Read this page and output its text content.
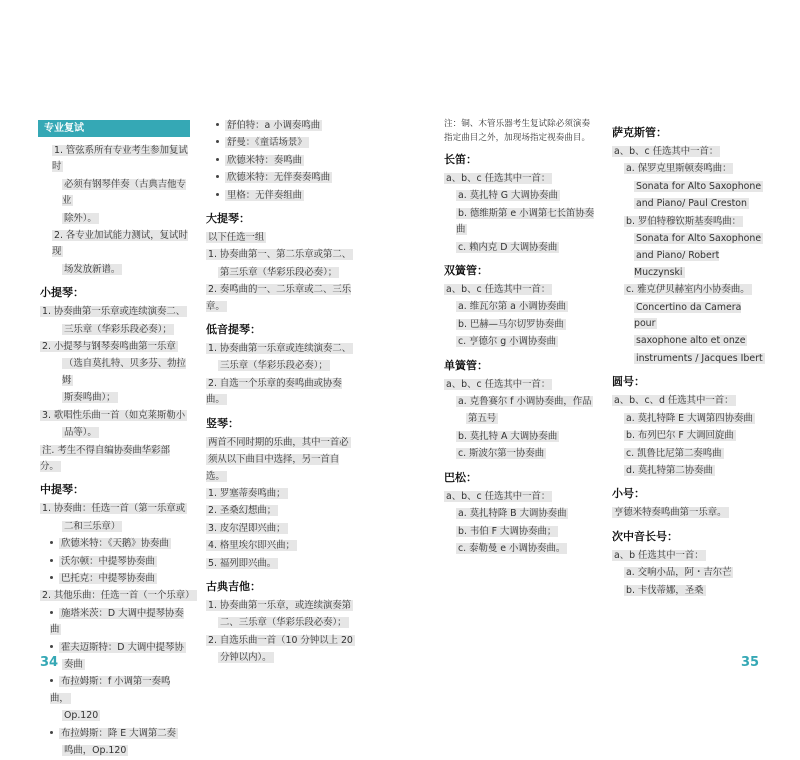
专业复试
1. 管弦系所有专业考生参加复试时
必须有钢琴伴奏（古典吉他专业
除外）。
2. 各专业加试能力测试，复试时现
场发放新谱。
小提琴：
1. 协奏曲第一乐章或连续演奏二、
三乐章（华彩乐段必奏）；
2. 小提琴与钢琴奏鸣曲第一乐章
（选自莫扎特、贝多芬、勃拉姆
斯奏鸣曲）；
3. 歌唱性乐曲一首（如克莱斯勒小
品等）。
注. 考生不得自编协奏曲华彩部分。
中提琴：
1. 协奏曲：任选一首（第一乐章或
二和三乐章）
欣德米特：《天鹅》协奏曲
沃尔顿：中提琴协奏曲
巴托克：中提琴协奏曲
2. 其他乐曲：任选一首（一个乐章）
施塔米茨：D 大调中提琴协奏曲
霍夫迈斯特：D 大调中提琴协
奏曲
布拉姆斯：f 小调第一奏鸣曲，
Op.120
布拉姆斯：降 E 大调第二奏
鸣曲，Op.120
舒伯特：a 小调奏鸣曲
舒曼：《童话场景》
欣德米特：奏鸣曲
欣德米特：无伴奏奏鸣曲
里格：无伴奏组曲
大提琴：
以下任选一组
1. 协奏曲第一、第二乐章或第二、
第三乐章（华彩乐段必奏）；
2. 奏鸣曲的一、二乐章或二、三乐章。
低音提琴：
1. 协奏曲第一乐章或连续演奏二、
三乐章（华彩乐段必奏）；
2. 自选一个乐章的奏鸣曲或协奏曲。
竖琴：
两首不同时期的乐曲，其中一首必
须从以下曲目中选择，另一首自选。
1. 罗塞蒂奏鸣曲；
2. 圣桑幻想曲；
3. 皮尔涅即兴曲；
4. 格里埃尔即兴曲；
5. 福列即兴曲。
古典吉他：
1. 协奏曲第一乐章，或连续演奏第
二、三乐章（华彩乐段必奏）；
2. 自选乐曲一首（10 分钟以上 20
分钟以内）。
注：铜、木管乐器考生复试除必须演奏
指定曲目之外，加现场指定视奏曲目。
长笛：
a、b、c 任选其中一首：
a. 莫扎特 G 大调协奏曲
b. 德维斯第 e 小调第七长笛协奏曲
c. 赖内克 D 大调协奏曲
双簧管：
a、b、c 任选其中一首：
a. 维瓦尔第 a 小调协奏曲
b. 巴赫—马尔切罗协奏曲
c. 亨德尔 g 小调协奏曲
单簧管：
a、b、c 任选其中一首：
a. 克鲁赛尔 f 小调协奏曲，作品
第五号
b. 莫扎特 A 大调协奏曲
c. 斯波尔第一协奏曲
巴松：
a、b、c 任选其中一首：
a. 莫扎特降 B 大调协奏曲
b. 韦伯 F 大调协奏曲；
c. 泰勒曼 e 小调协奏曲。
萨克斯管：
a、b、c 任选其中一首：
a. 保罗克里斯顿奏鸣曲：
Sonata for Alto Saxophone
and Piano/ Paul Creston
b. 罗伯特穆钦斯基奏鸣曲：
Sonata for Alto Saxophone
and Piano/ Robert Muczynski
c. 雅克伊贝赫室内小协奏曲。
Concertino da Camera pour
saxophone alto et onze
instruments / Jacques Ibert
圆号：
a、b、c、d 任选其中一首：
a. 莫扎特降 E 大调第四协奏曲
b. 布列巴尔 F 大调回旋曲
c. 凯鲁比尼第二奏鸣曲
d. 莫扎特第二协奏曲
小号：
亨德米特奏鸣曲第一乐章。
次中音长号：
a、b 任选其中一首：
a. 交响小品，阿・吉尔芒
b. 卡伐蒂娜，圣桑
34	35
